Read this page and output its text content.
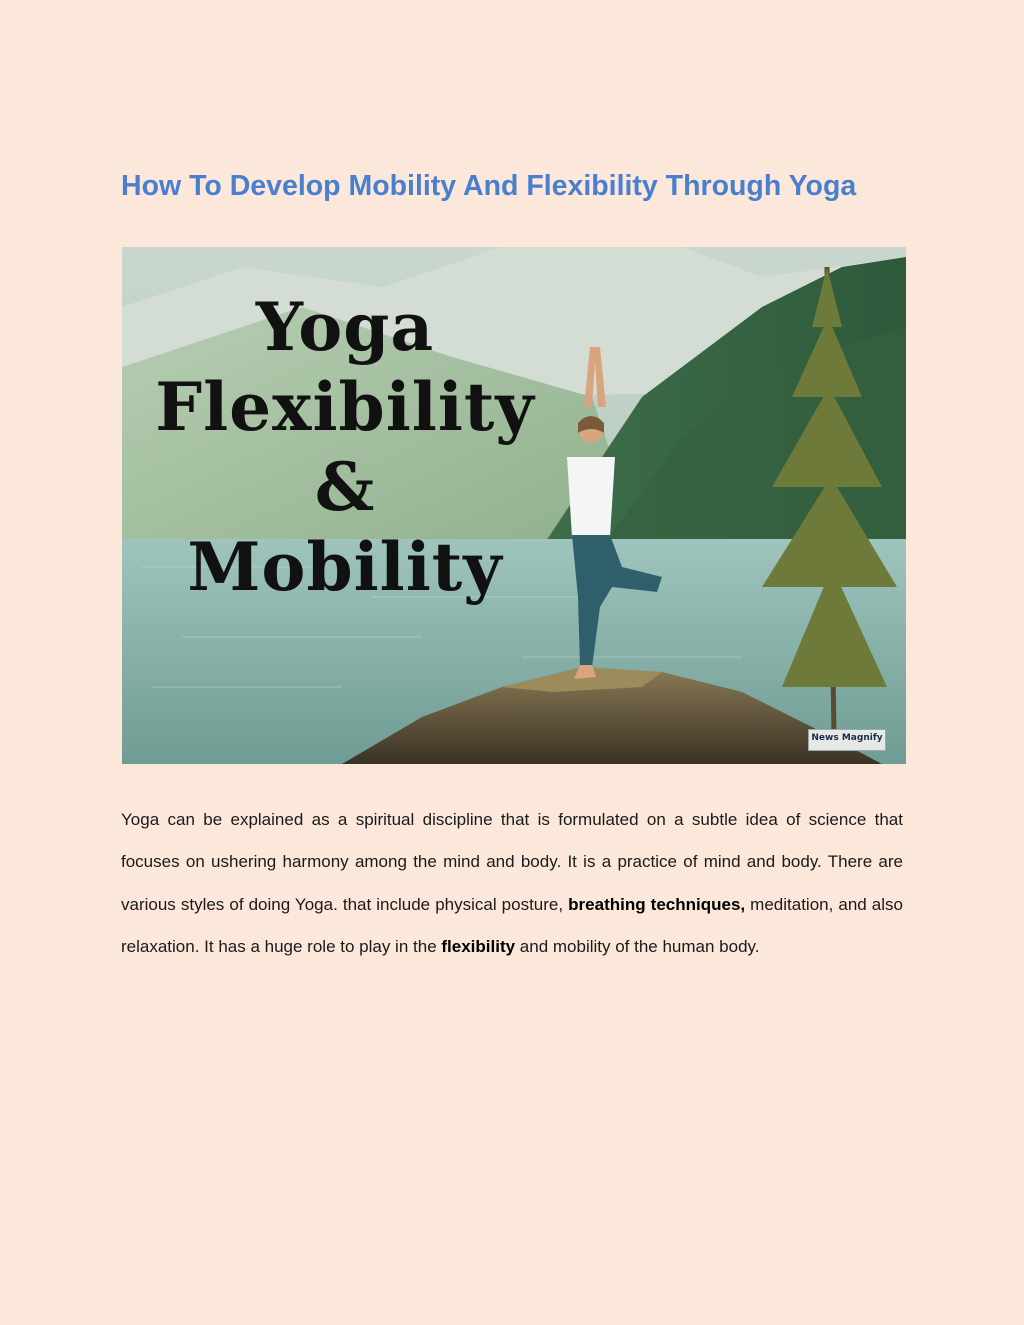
How To Develop Mobility And Flexibility Through Yoga
Yoga
Flexibility
&
Mobility
News Magnify

Yoga can be explained as a spiritual discipline that is formulated on a subtle idea of science that focuses on ushering harmony among the mind and body. It is a practice of mind and body. There are various styles of doing Yoga. that include physical posture, breathing techniques, meditation, and also relaxation. It has a huge role to play in the flexibility and mobility of the human body.
